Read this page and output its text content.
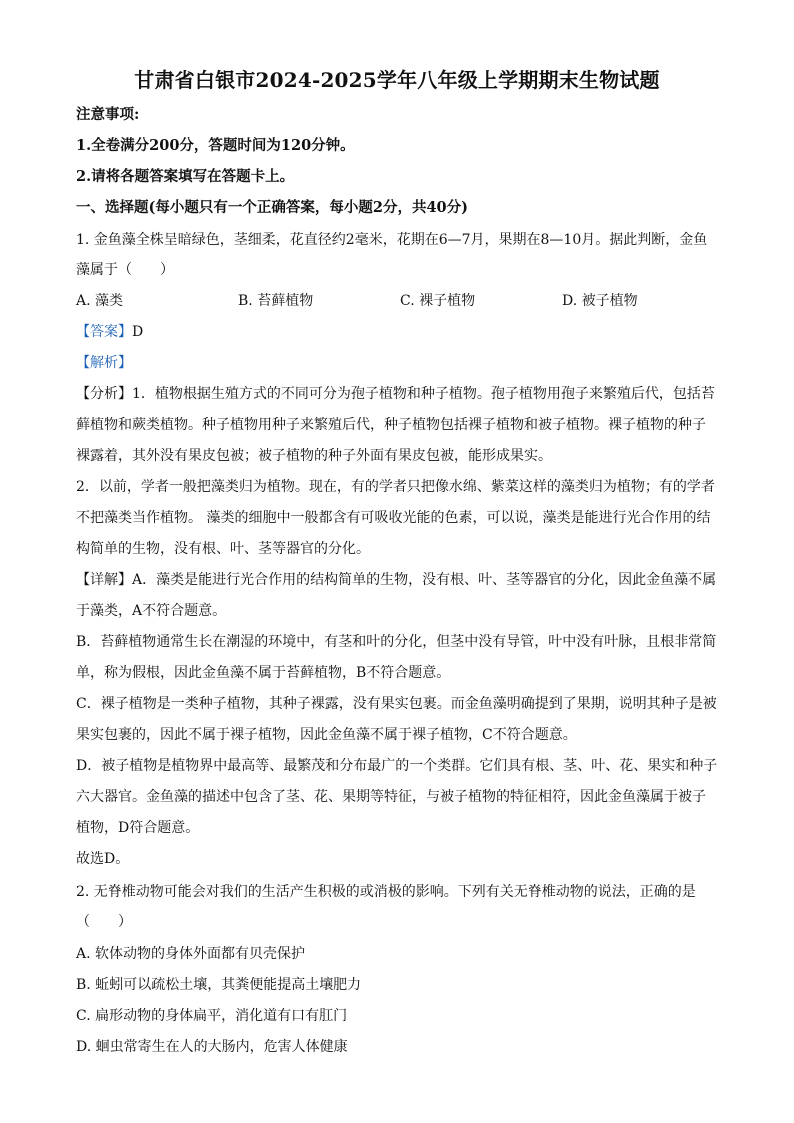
甘肃省白银市2024-2025学年八年级上学期期末生物试题
注意事项:
1.全卷满分200分，答题时间为120分钟。
2.请将各题答案填写在答题卡上。
一、选择题(每小题只有一个正确答案，每小题2分，共40分)
1. 金鱼藻全株呈暗绿色，茎细柔，花直径约2毫米，花期在6—7月，果期在8—10月。据此判断，金鱼
藻属于（　　）
A. 藻类	B. 苔藓植物	C. 裸子植物	D. 被子植物
【答案】D
【解析】
【分析】1．植物根据生殖方式的不同可分为孢子植物和种子植物。孢子植物用孢子来繁殖后代，包括苔
藓植物和蕨类植物。种子植物用种子来繁殖后代，种子植物包括裸子植物和被子植物。裸子植物的种子
裸露着，其外没有果皮包被；被子植物的种子外面有果皮包被，能形成果实。
2．以前，学者一般把藻类归为植物。现在，有的学者只把像水绵、紫菜这样的藻类归为植物；有的学者
不把藻类当作植物。 藻类的细胞中一般都含有可吸收光能的色素，可以说，藻类是能进行光合作用的结
构简单的生物，没有根、叶、茎等器官的分化。
【详解】A．藻类是能进行光合作用的结构简单的生物，没有根、叶、茎等器官的分化，因此金鱼藻不属
于藻类，A不符合题意。
B．苔藓植物通常生长在潮湿的环境中，有茎和叶的分化，但茎中没有导管，叶中没有叶脉，且根非常简
单，称为假根，因此金鱼藻不属于苔藓植物，B不符合题意。
C．裸子植物是一类种子植物，其种子裸露，没有果实包裹。而金鱼藻明确提到了果期，说明其种子是被
果实包裹的，因此不属于裸子植物，因此金鱼藻不属于裸子植物，C不符合题意。
D．被子植物是植物界中最高等、最繁茂和分布最广的一个类群。它们具有根、茎、叶、花、果实和种子
六大器官。金鱼藻的描述中包含了茎、花、果期等特征，与被子植物的特征相符，因此金鱼藻属于被子
植物，D符合题意。
故选D。
2. 无脊椎动物可能会对我们的生活产生积极的或消极的影响。下列有关无脊椎动物的说法，正确的是
（　　）
A. 软体动物的身体外面都有贝壳保护
B. 蚯蚓可以疏松土壤，其粪便能提高土壤肥力
C. 扁形动物的身体扁平，消化道有口有肛门
D. 蛔虫常寄生在人的大肠内，危害人体健康
